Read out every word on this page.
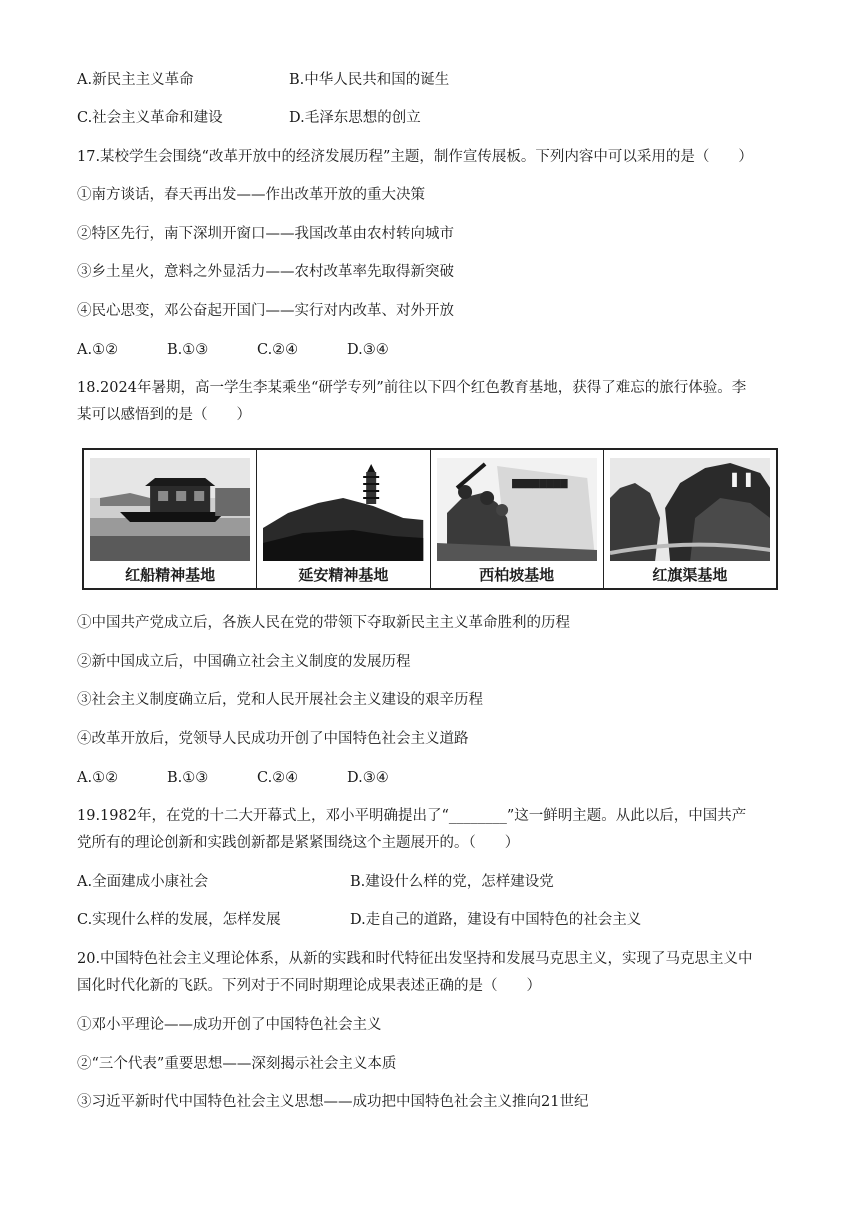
A.新民主主义革命	B.中华人民共和国的诞生
C.社会主义革命和建设	D.毛泽东思想的创立
17.某校学生会围绕“改革开放中的经济发展历程”主题，制作宣传展板。下列内容中可以采用的是（　　）
①南方谈话，春天再出发——作出改革开放的重大决策
②特区先行，南下深圳开窗口——我国改革由农村转向城市
③乡土星火，意料之外显活力——农村改革率先取得新突破
④民心思变，邓公奋起开国门——实行对内改革、对外开放
A.①②	B.①③	C.②④	D.③④
18.2024年暑期，高一学生李某乘坐“研学专列”前往以下四个红色教育基地，获得了难忘的旅行体验。李
某可以感悟到的是（　　）
红船精神基地	延安精神基地
▇▇▇▇▇▇▇▇
西柏坡基地
▌▐
红旗渠基地
①中国共产党成立后，各族人民在党的带领下夺取新民主主义革命胜利的历程
②新中国成立后，中国确立社会主义制度的发展历程
③社会主义制度确立后，党和人民开展社会主义建设的艰辛历程
④改革开放后，党领导人民成功开创了中国特色社会主义道路
A.①②	B.①③	C.②④	D.③④
19.1982年，在党的十二大开幕式上，邓小平明确提出了“________”这一鲜明主题。从此以后，中国共产
党所有的理论创新和实践创新都是紧紧围绕这个主题展开的。（　　）
A.全面建成小康社会	B.建设什么样的党，怎样建设党
C.实现什么样的发展，怎样发展	D.走自己的道路，建设有中国特色的社会主义
20.中国特色社会主义理论体系，从新的实践和时代特征出发坚持和发展马克思主义，实现了马克思主义中
国化时代化新的飞跃。下列对于不同时期理论成果表述正确的是（　　）
①邓小平理论——成功开创了中国特色社会主义
②“三个代表”重要思想——深刻揭示社会主义本质
③习近平新时代中国特色社会主义思想——成功把中国特色社会主义推向21世纪
